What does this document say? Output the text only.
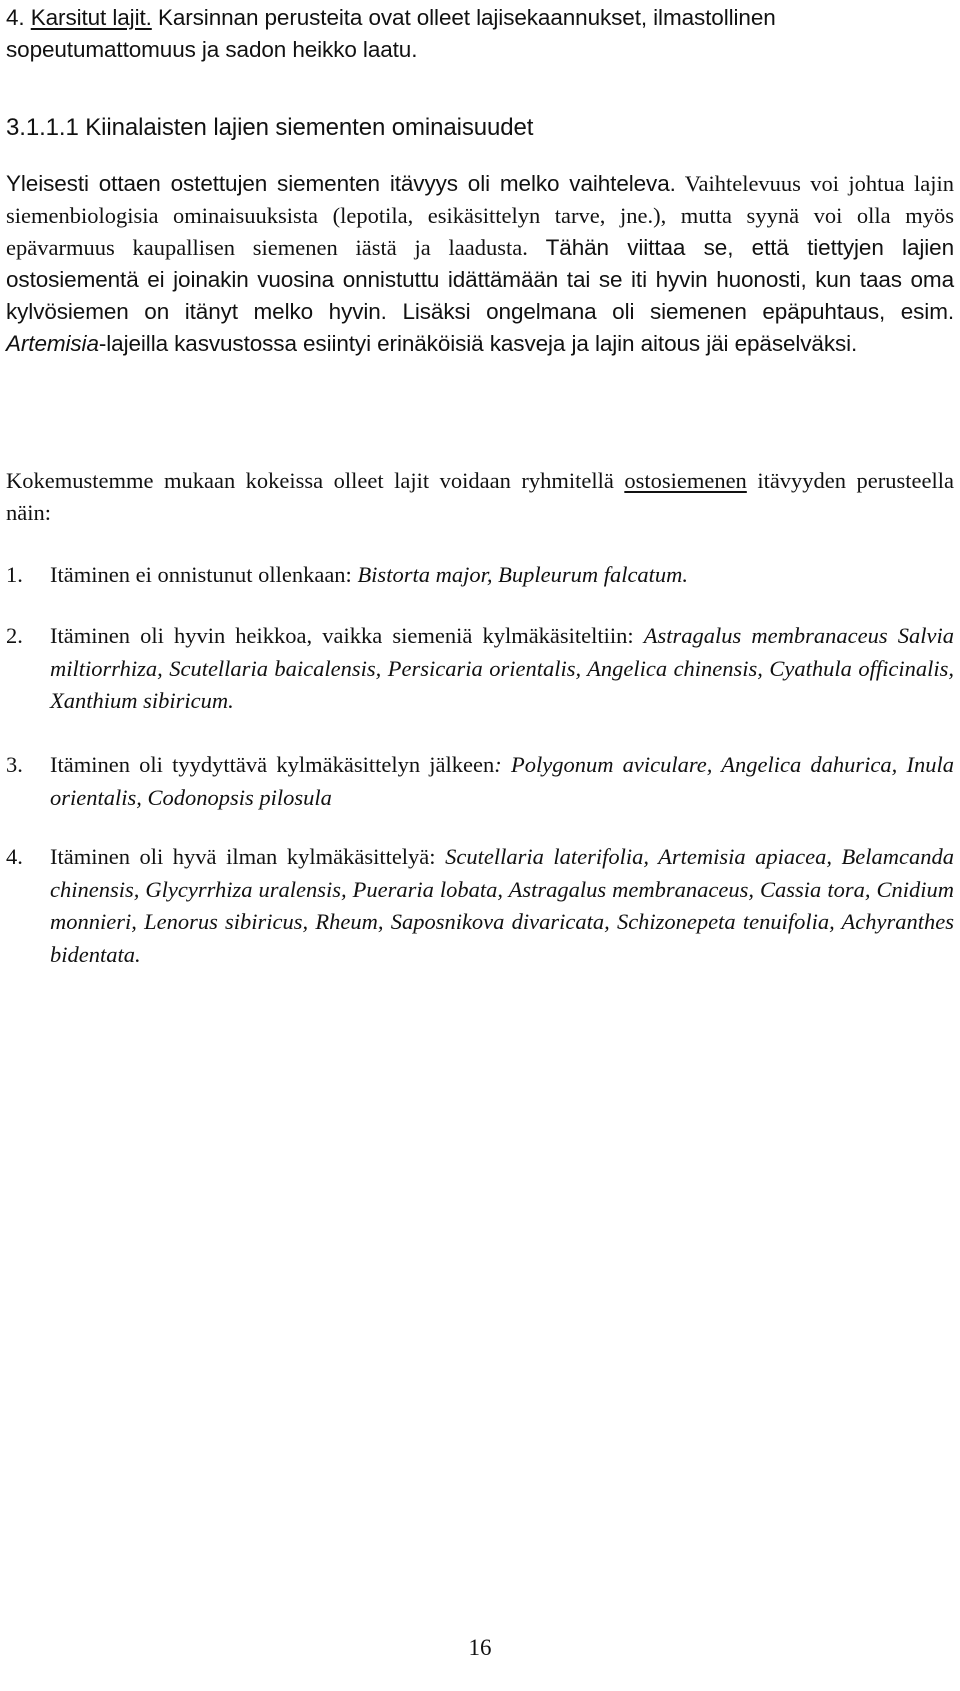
4. Karsitut lajit. Karsinnan perusteita ovat olleet lajisekaannukset, ilmastollinen sopeutumattomuus ja sadon heikko laatu.
3.1.1.1 Kiinalaisten lajien siementen ominaisuudet
Yleisesti ottaen ostettujen siementen itävyys oli melko vaihteleva. Vaihtelevuus voi johtua lajin siemenbiologisia ominaisuuksista (lepotila, esikäsittelyn tarve, jne.), mutta syynä voi olla myös epävarmuus kaupallisen siemenen iästä ja laadusta. Tähän viittaa se, että tiettyjen lajien ostosiementä ei joinakin vuosina onnistuttu idättämään tai se iti hyvin huonosti, kun taas oma kylvösiemen on itänyt melko hyvin. Lisäksi ongelmana oli siemenen epäpuhtaus, esim. Artemisia-lajeilla kasvustossa esiintyi erinäköisiä kasveja ja lajin aitous jäi epäselväksi.
Kokemustemme mukaan kokeissa olleet lajit voidaan ryhmitellä ostosiemenen itävyyden perusteella näin:
1. Itäminen ei onnistunut ollenkaan: Bistorta major, Bupleurum falcatum.
2. Itäminen oli hyvin heikkoa, vaikka siemeniä kylmäkäsiteltiin: Astragalus membranaceus Salvia miltiorrhiza, Scutellaria baicalensis, Persicaria orientalis, Angelica chinensis, Cyathula officinalis, Xanthium sibiricum.
3. Itäminen oli tyydyttävä kylmäkäsittelyn jälkeen: Polygonum aviculare, Angelica dahurica, Inula orientalis, Codonopsis pilosula
4. Itäminen oli hyvä ilman kylmäkäsittelyä: Scutellaria laterifolia, Artemisia apiacea, Belamcanda chinensis, Glycyrrhiza uralensis, Pueraria lobata, Astragalus membranaceus, Cassia tora, Cnidium monnieri, Lenorus sibiricus, Rheum, Saposnikova divaricata, Schizonepeta tenuifolia, Achyranthes bidentata.
16
